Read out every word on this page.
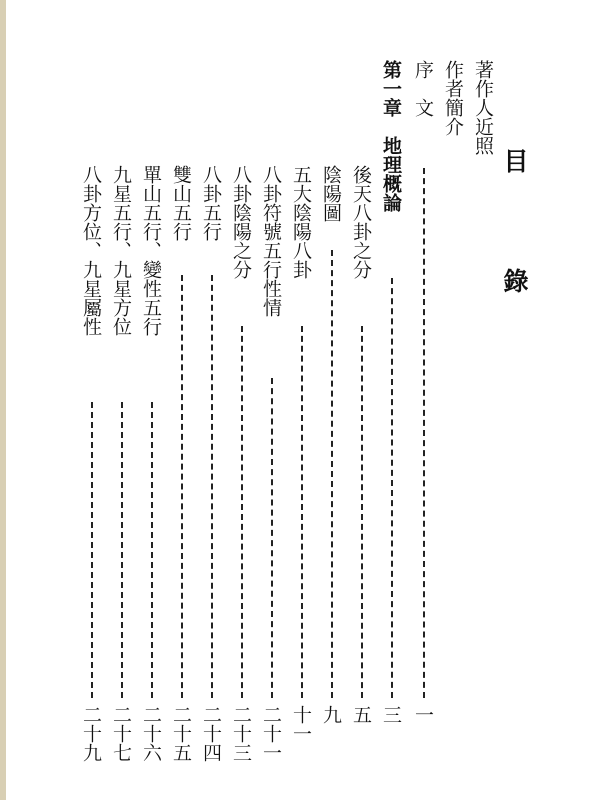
目
錄
著作人近照
作者簡介
序　文
一
第一章　地理概論
三
後天八卦之分
五
陰陽圖
九
五大陰陽八卦
十一
八卦符號五行性情
二十一
八卦陰陽之分
二十三
八卦五行
二十四
雙山五行
二十五
單山五行、變性五行
二十六
九星五行、九星方位
二十七
八卦方位、九星屬性
二十九
